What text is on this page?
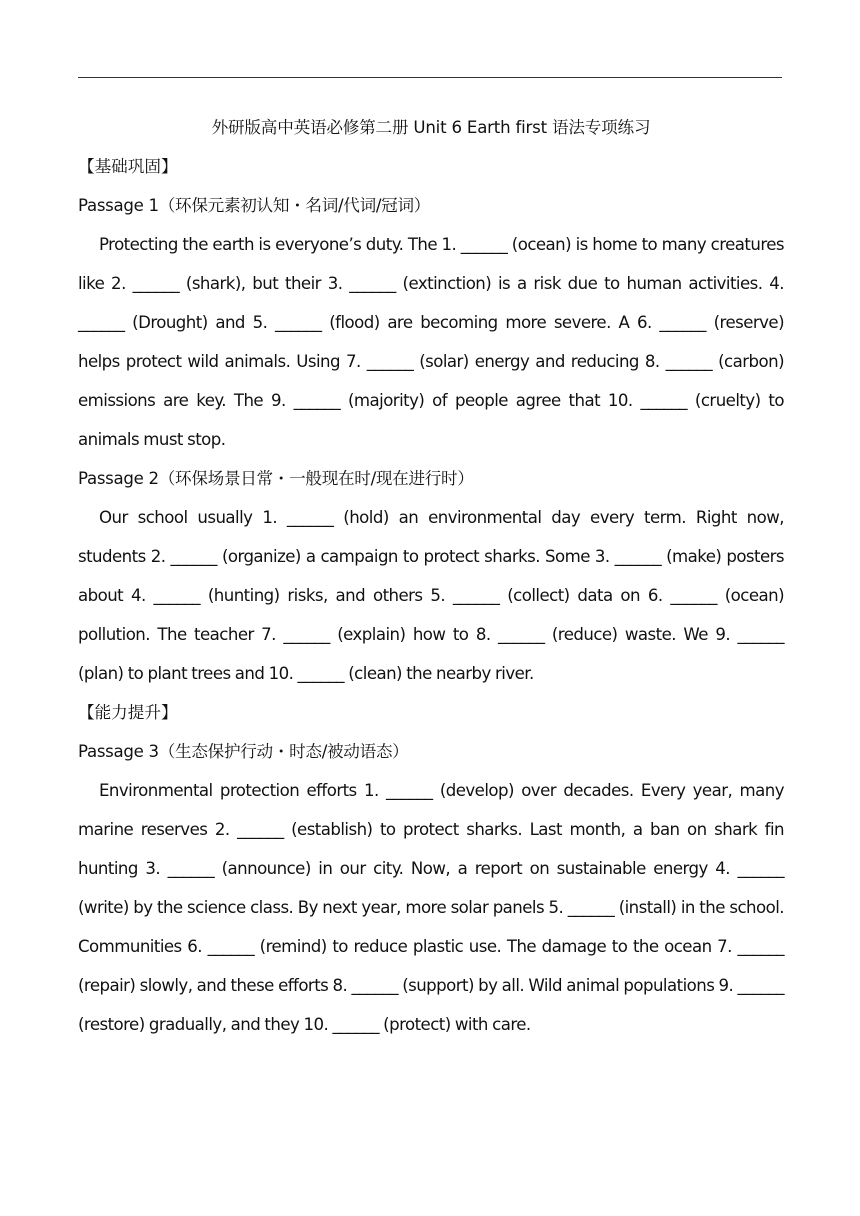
外研版高中英语必修第二册 Unit 6 Earth first 语法专项练习
【基础巩固】
Passage 1（环保元素初认知・名词/代词/冠词）
Protecting the earth is everyone’s duty. The 1. ______ (ocean) is home to many creatures like 2. ______ (shark), but their 3. ______ (extinction) is a risk due to human activities. 4. ______ (Drought) and 5. ______ (flood) are becoming more severe. A 6. ______ (reserve) helps protect wild animals. Using 7. ______ (solar) energy and reducing 8. ______ (carbon) emissions are key. The 9. ______ (majority) of people agree that 10. ______ (cruelty) to animals must stop.
Passage 2（环保场景日常・一般现在时/现在进行时）
Our school usually 1. ______ (hold) an environmental day every term. Right now, students 2. ______ (organize) a campaign to protect sharks. Some 3. ______ (make) posters about 4. ______ (hunting) risks, and others 5. ______ (collect) data on 6. ______ (ocean) pollution. The teacher 7. ______ (explain) how to 8. ______ (reduce) waste. We 9. ______ (plan) to plant trees and 10. ______ (clean) the nearby river.
【能力提升】
Passage 3（生态保护行动・时态/被动语态）
Environmental protection efforts 1. ______ (develop) over decades. Every year, many marine reserves 2. ______ (establish) to protect sharks. Last month, a ban on shark fin hunting 3. ______ (announce) in our city. Now, a report on sustainable energy 4. ______ (write) by the science class. By next year, more solar panels 5. ______ (install) in the school. Communities 6. ______ (remind) to reduce plastic use. The damage to the ocean 7. ______ (repair) slowly, and these efforts 8. ______ (support) by all. Wild animal populations 9. ______ (restore) gradually, and they 10. ______ (protect) with care.
